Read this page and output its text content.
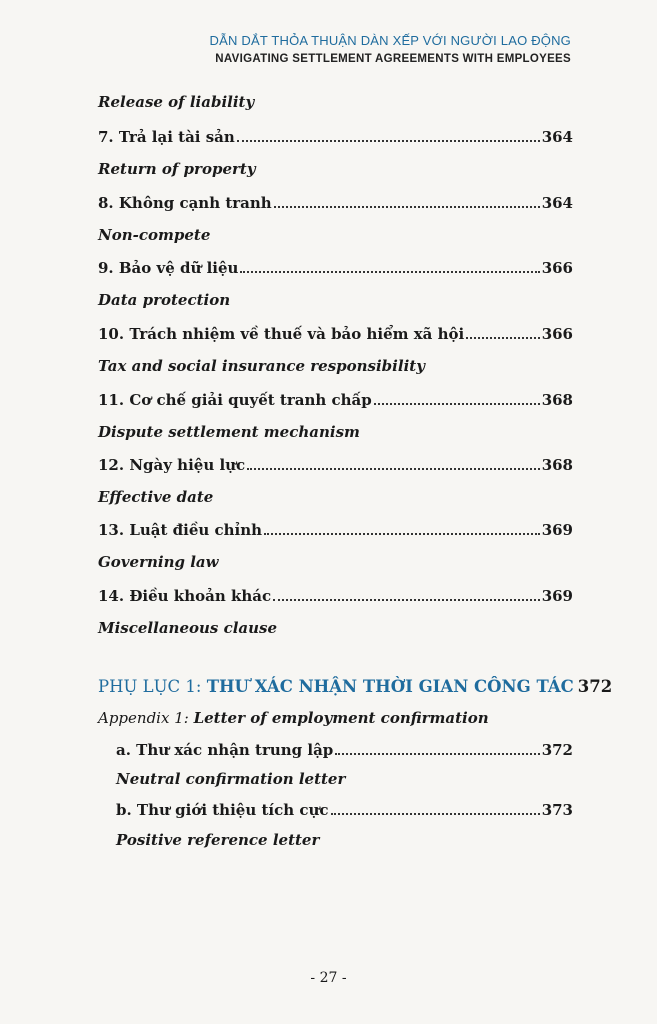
DẪN DẮT THỎA THUẬN DÀN XẾP VỚI NGƯỜI LAO ĐỘNG
NAVIGATING SETTLEMENT AGREEMENTS WITH EMPLOYEES
Release of liability
7. Trả lại tài sản	364
Return of property
8. Không cạnh tranh	364
Non-compete
9. Bảo vệ dữ liệu	366
Data protection
10. Trách nhiệm về thuế và bảo hiểm xã hội	366
Tax and social insurance responsibility
11. Cơ chế giải quyết tranh chấp	368
Dispute settlement mechanism
12. Ngày hiệu lực	368
Effective date
13. Luật điều chỉnh	369
Governing law
14. Điều khoản khác	369
Miscellaneous clause
PHỤ LỤC 1: THƯ XÁC NHẬN THỜI GIAN CÔNG TÁC 372
Appendix 1: Letter of employment confirmation
a. Thư xác nhận trung lập	372
Neutral confirmation letter
b. Thư giới thiệu tích cực	373
Positive reference letter
- 27 -
